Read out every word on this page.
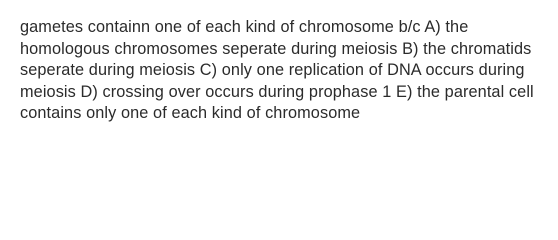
gametes containn one of each kind of chromosome b/c A) the homologous chromosomes seperate during meiosis B) the chromatids seperate during meiosis C) only one replication of DNA occurs during meiosis D) crossing over occurs during prophase 1 E) the parental cell contains only one of each kind of chromosome
